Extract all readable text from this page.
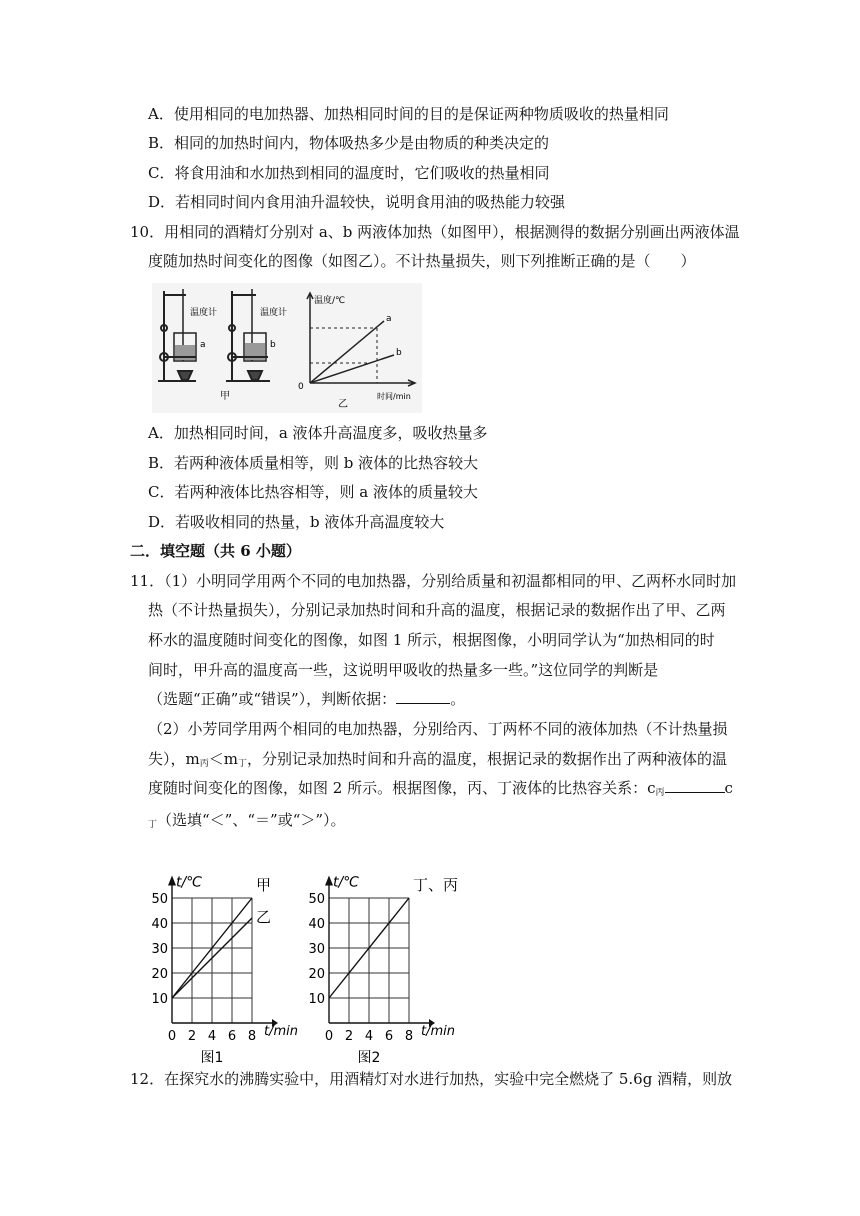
A．使用相同的电加热器、加热相同时间的目的是保证两种物质吸收的热量相同
B．相同的加热时间内，物体吸热多少是由物质的种类决定的
C．将食用油和水加热到相同的温度时，它们吸收的热量相同
D．若相同时间内食用油升温较快，说明食用油的吸热能力较强
10．用相同的酒精灯分别对 a、b 两液体加热（如图甲），根据测得的数据分别画出两液体温
度随加热时间变化的图像（如图乙）。不计热量损失，则下列推断正确的是（　　）
温度计
a
温度计
b
甲
温度/℃
时间/min
0
a
b
乙
A．加热相同时间，a 液体升高温度多，吸收热量多
B．若两种液体质量相等，则 b 液体的比热容较大
C．若两种液体比热容相等，则 a 液体的质量较大
D．若吸收相同的热量，b 液体升高温度较大
二．填空题（共 6 小题）
11．（1）小明同学用两个不同的电加热器，分别给质量和初温都相同的甲、乙两杯水同时加
热（不计热量损失），分别记录加热时间和升高的温度，根据记录的数据作出了甲、乙两
杯水的温度随时间变化的图像，如图 1 所示，根据图像，小明同学认为“加热相同的时
间时，甲升高的温度高一些，这说明甲吸收的热量多一些。”这位同学的判断是
（选题“正确”或“错误”），判断依据：	。
（2）小芳同学用两个相同的电加热器，分别给丙、丁两杯不同的液体加热（不计热量损
失），$m_丙<m_丁$，分别记录加热时间和升高的温度，根据记录的数据作出了两种液体的温
度随时间变化的图像，如图 2 所示。根据图像，丙、丁液体的比热容关系：$c_丙$	c
$_丁$（选填“＜”、“＝”或“＞”）。
0 2 4 6 8
10
20
30
40
50
t/℃
t/min
甲
乙
图1
0 2 4 6 8
10
20
30
40
50
t/℃
t/min
丁、丙
图2
12．在探究水的沸腾实验中，用酒精灯对水进行加热，实验中完全燃烧了 5.6g 酒精，则放
